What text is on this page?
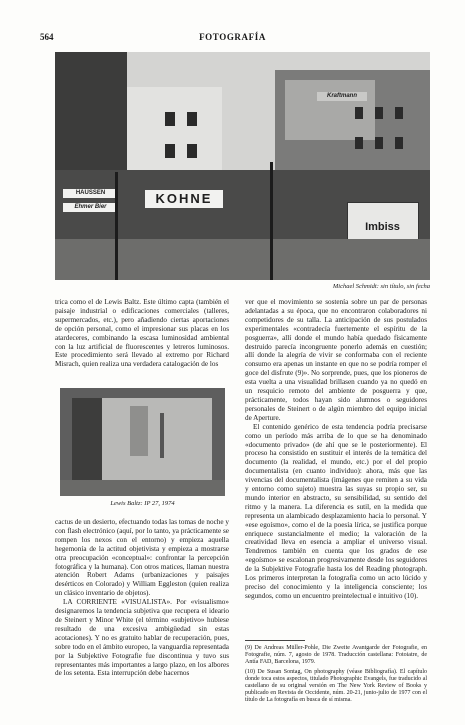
564	FOTOGRAFÍA
KOHNE
HAUSSEN
Ehmer Bier
Kraftmann
Imbiss
Michael Schmidt: sin título, sin fecha

trica como el de Lewis Baltz. Este último capta (también el paisaje industrial o edificaciones comerciales (talleres, supermercados, etc.), pero añadiendo ciertas aportaciones de opción personal, como el impresionar sus placas en los atardeceres, combinando la escasa luminosidad ambiental con la luz artificial de fluorescentes y letreros luminosos. Este procedimiento será llevado al extremo por Richard Misrach, quien realiza una verdadera catalogación de los

Lewis Baltz: IP 27, 1974

cactus de un desierto, efectuando todas las tomas de noche y con flash electrónico (aquí, por lo tanto, ya prácticamente se rompen los nexos con el entorno) y empieza aquella hegemonía de la actitud objetivista y empieza a mostrarse otra preocupación «conceptual»: confrontar la percepción fotográfica y la humana). Con otros matices, llaman nuestra atención Robert Adams (urbanizaciones y paisajes desérticos en Colorado) y William Eggleston (quien realiza un clásico inventario de objetos).

LA CORRIENTE «VISUALISTA». Por «visualismo» designaremos la tendencia subjetiva que recupera el ideario de Steinert y Minor White (el término «subjetivo» hubiese resultado de una excesiva ambigüedad sin estas acotaciones). Y no es gratuito hablar de recuperación, pues, sobre todo en el ámbito europeo, la vanguardia representada por la Subjektive Fotografie fue discontinua y tuvo sus representantes más importantes a largo plazo, en los albores de los setenta. Esta interrupción debe hacernos

ver que el movimiento se sostenía sobre un par de personas adelantadas a su época, que no encontraron colaboradores ni competidores de su talla. La anticipación de sus postulados experimentales «contradecía fuertemente el espíritu de la posguerra», allí donde el mundo había quedado físicamente destruido parecía incongruente ponerlo además en cuestión; allí donde la alegría de vivir se conformaba con el reciente consumo era apenas un instante en que no se podría romper el goce del disfrute (9)». No sorprende, pues, que los pioneros de esta vuelta a una visualidad brillasen cuando ya no quedó en un resquicio remoto del ambiente de posguerra y que, prácticamente, todos hayan sido alumnos o seguidores personales de Steinert o de algún miembro del equipo inicial de Aperture.

El contenido genérico de esta tendencia podría precisarse como un período más arriba de lo que se ha denominado «documento privado» (de ahí que se le posteriormente). El proceso ha consistido en sustituir el interés de la temática del documento (la realidad, el mundo, etc.) por el del propio documentalista (en cuanto individuo): ahora, más que las vivencias del documentalista (imágenes que remiten a su vida y entorno como sujeto) muestra las suyas su propio ser, su mundo interior en abstracto, su sensibilidad, su sentido del ritmo y la manera. La diferencia es sutil, en la medida que representa un alambicado desplazamiento hacia lo personal. Y «ese egoísmo», como el de la poesía lírica, se justifica porque enriquece sustancialmente el medio; la valoración de la creatividad lleva en esencia a ampliar el universo visual. Tendremos también en cuenta que los grados de ese «egoísmo» se escalonan progresivamente desde los seguidores de la Subjektive Fotografie hasta los del Reading photograph. Los primeros interpretan la fotografía como un acto lúcido y preciso del conocimiento y la inteligencia consciente; los segundos, como un encuentro preintelectual e intuitivo (10).

(9) De Andreas Müller-Pohle, Die Zweite Avantgarde der Fotografie, en Fotografie, núm. 7, agosto de 1978. Traducción castellana: Fotoiatre, de Antía FAD, Barcelona, 1979.

(10) De Susan Sontag, On photography (véase Bibliografía). El capítulo donde toca estos aspectos, titulado Photographic Evangels, fue traducido al castellano de su original versión en The New York Review of Books y publicado en Revista de Occidente, núm. 20-21, junio-julio de 1977 con el título de La fotografía en busca de sí misma.
